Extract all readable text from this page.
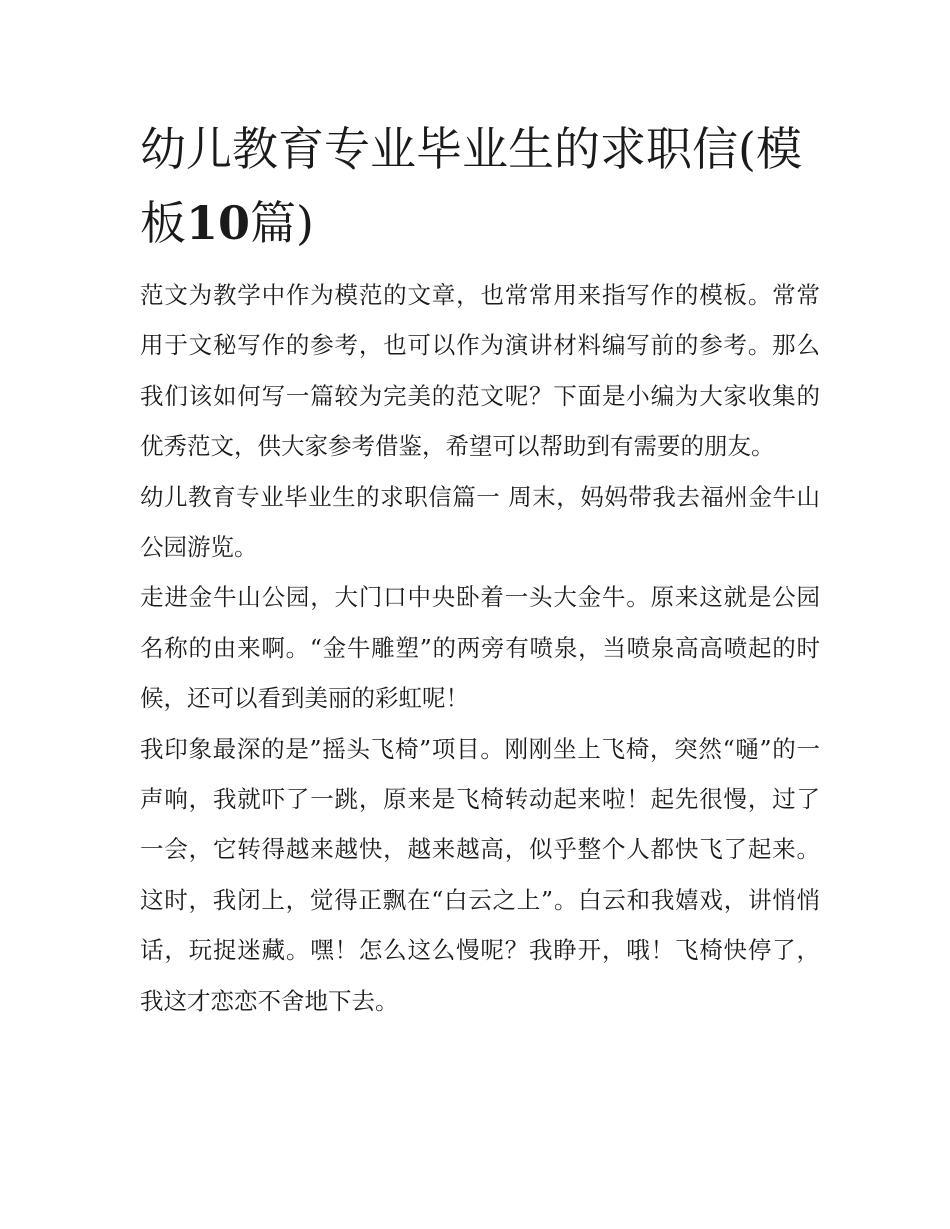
幼儿教育专业毕业生的求职信(模板10篇)

范文为教学中作为模范的文章，也常常用来指写作的模板。常常用于文秘写作的参考，也可以作为演讲材料编写前的参考。那么我们该如何写一篇较为完美的范文呢？下面是小编为大家收集的优秀范文，供大家参考借鉴，希望可以帮助到有需要的朋友。

幼儿教育专业毕业生的求职信篇一 周末，妈妈带我去福州金牛山公园游览。

走进金牛山公园，大门口中央卧着一头大金牛。原来这就是公园名称的由来啊。“金牛雕塑”的两旁有喷泉，当喷泉高高喷起的时候，还可以看到美丽的彩虹呢！

我印象最深的是”摇头飞椅”项目。刚刚坐上飞椅，突然“嗵”的一声响，我就吓了一跳，原来是飞椅转动起来啦！起先很慢，过了一会，它转得越来越快，越来越高，似乎整个人都快飞了起来。这时，我闭上，觉得正飘在“白云之上”。白云和我嬉戏，讲悄悄话，玩捉迷藏。嘿！怎么这么慢呢？我睁开，哦！飞椅快停了，我这才恋恋不舍地下去。
